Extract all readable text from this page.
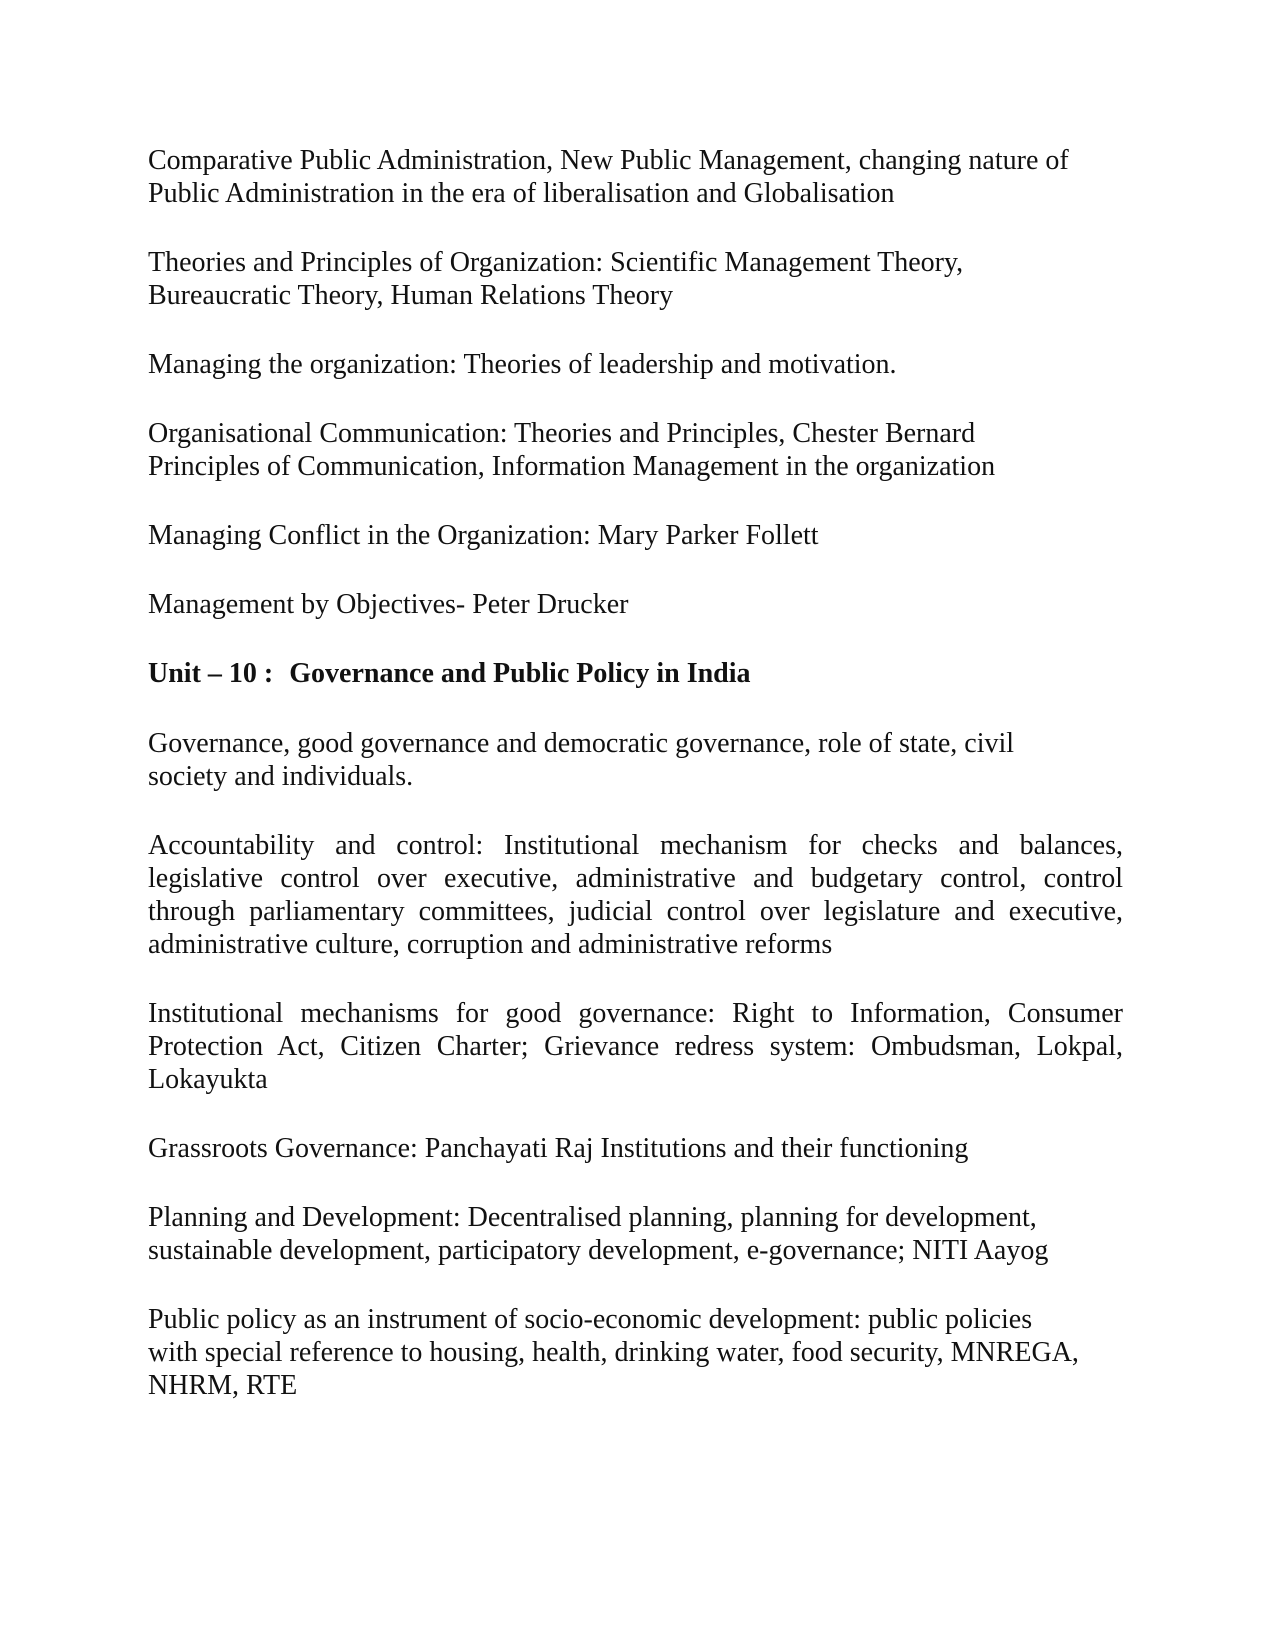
Comparative Public Administration, New Public Management, changing nature of
Public Administration in the era of liberalisation and Globalisation

Theories and Principles of Organization: Scientific Management Theory,
Bureaucratic Theory, Human Relations Theory

Managing the organization: Theories of leadership and motivation.

Organisational Communication: Theories and Principles, Chester Bernard
Principles of Communication, Information Management in the organization

Managing Conflict in the Organization: Mary Parker Follett

Management by Objectives- Peter Drucker

Unit – 10 : Governance and Public Policy in India

Governance, good governance and democratic governance, role of state, civil
society and individuals.

Accountability and control: Institutional mechanism for checks and balances,
legislative control over executive, administrative and budgetary control, control
through parliamentary committees, judicial control over legislature and executive,
administrative culture, corruption and administrative reforms

Institutional mechanisms for good governance: Right to Information, Consumer
Protection Act, Citizen Charter; Grievance redress system: Ombudsman, Lokpal,
Lokayukta

Grassroots Governance: Panchayati Raj Institutions and their functioning

Planning and Development: Decentralised planning, planning for development,
sustainable development, participatory development, e-governance; NITI Aayog

Public policy as an instrument of socio-economic development: public policies
with special reference to housing, health, drinking water, food security, MNREGA,
NHRM, RTE
